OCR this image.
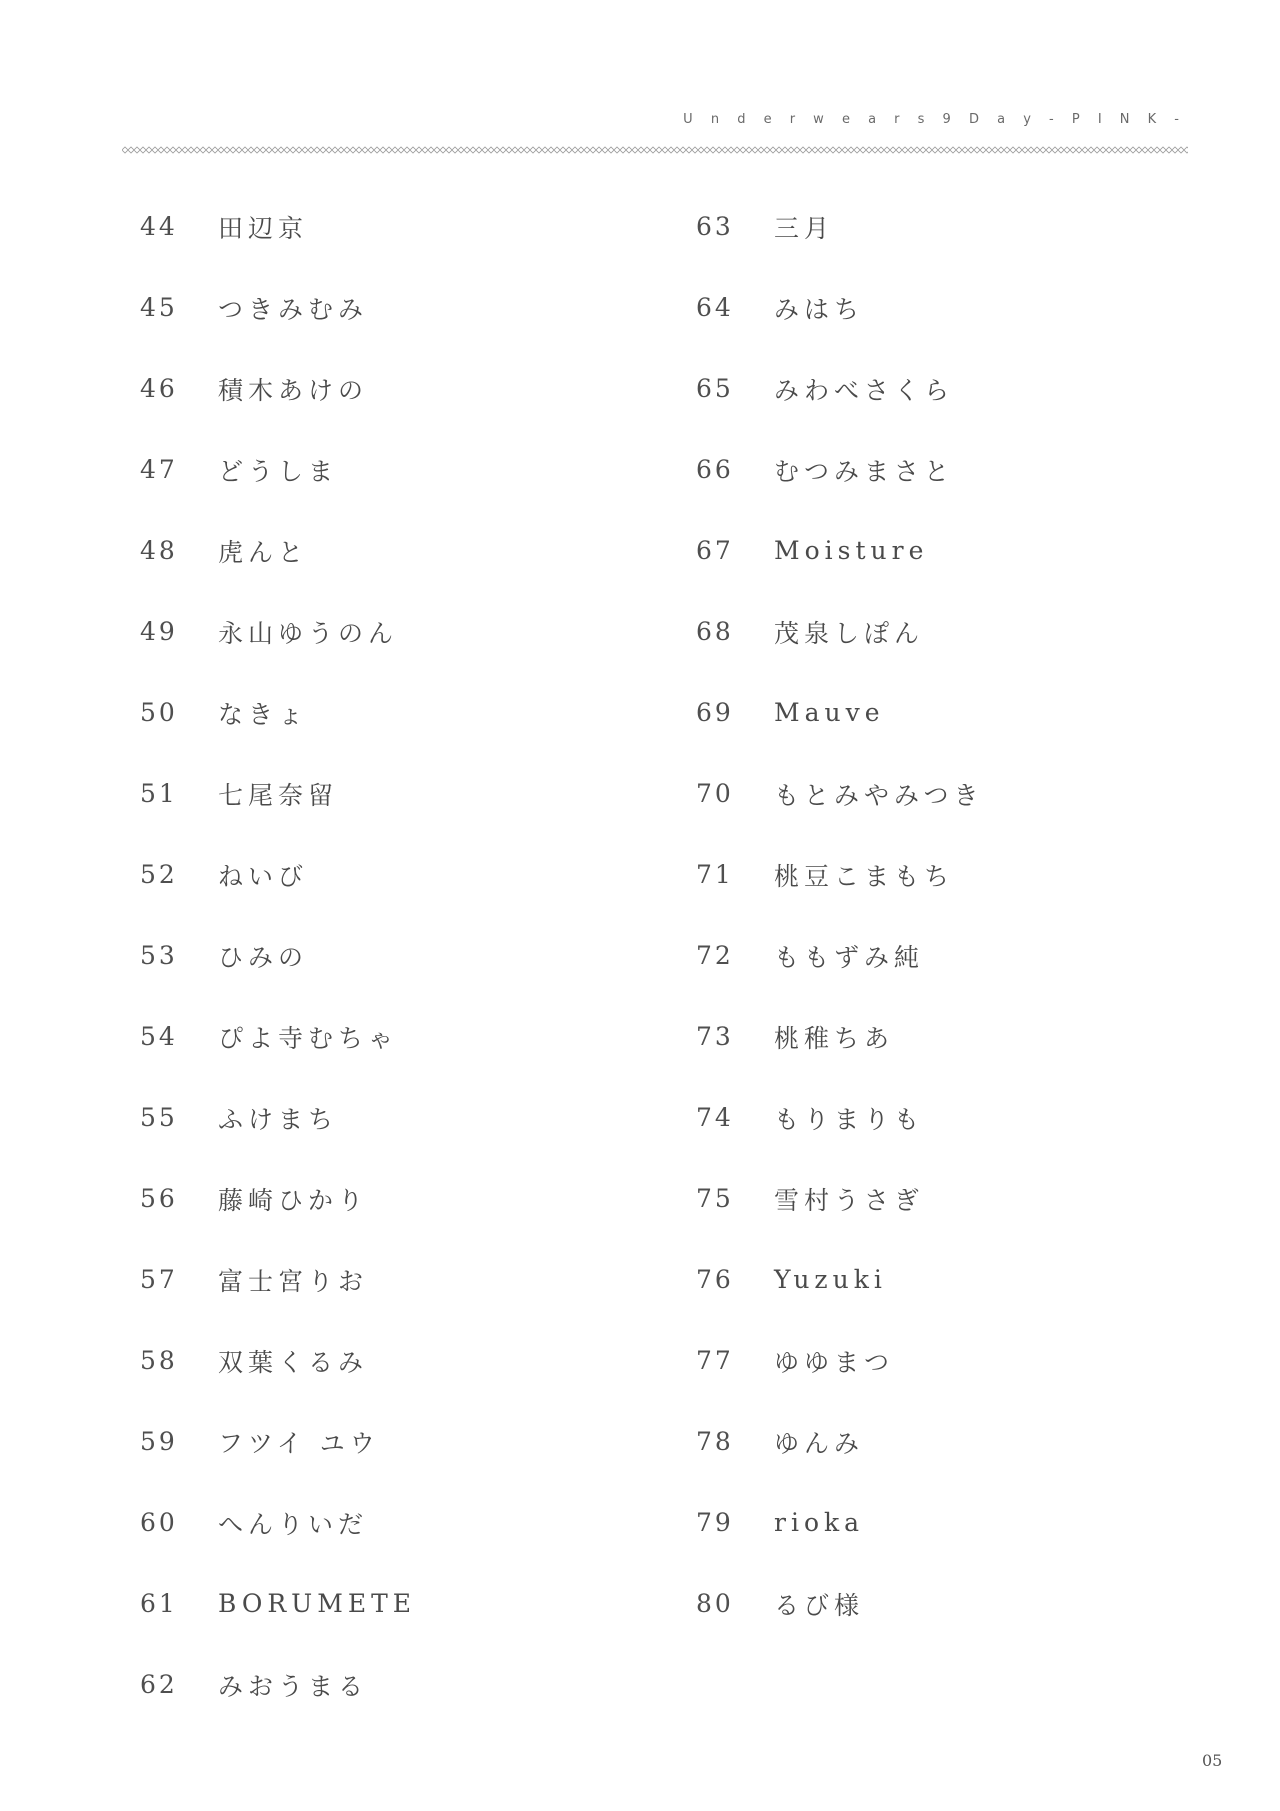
U n d e r w e a r s 9 D a y - P I N K -
44	田辺京
45	つきみむみ
46	積木あけの
47	どうしま
48	虎んと
49	永山ゆうのん
50	なきょ
51	七尾奈留
52	ねいび
53	ひみの
54	ぴよ寺むちゃ
55	ふけまち
56	藤崎ひかり
57	富士宮りお
58	双葉くるみ
59	フツイ ユウ
60	へんりいだ
61	BORUMETE
62	みおうまる
63	三月
64	みはち
65	みわべさくら
66	むつみまさと
67	Moisture
68	茂泉しぽん
69	Mauve
70	もとみやみつき
71	桃豆こまもち
72	ももずみ純
73	桃稚ちあ
74	もりまりも
75	雪村うさぎ
76	Yuzuki
77	ゆゆまつ
78	ゆんみ
79	rioka
80	るび様
05
